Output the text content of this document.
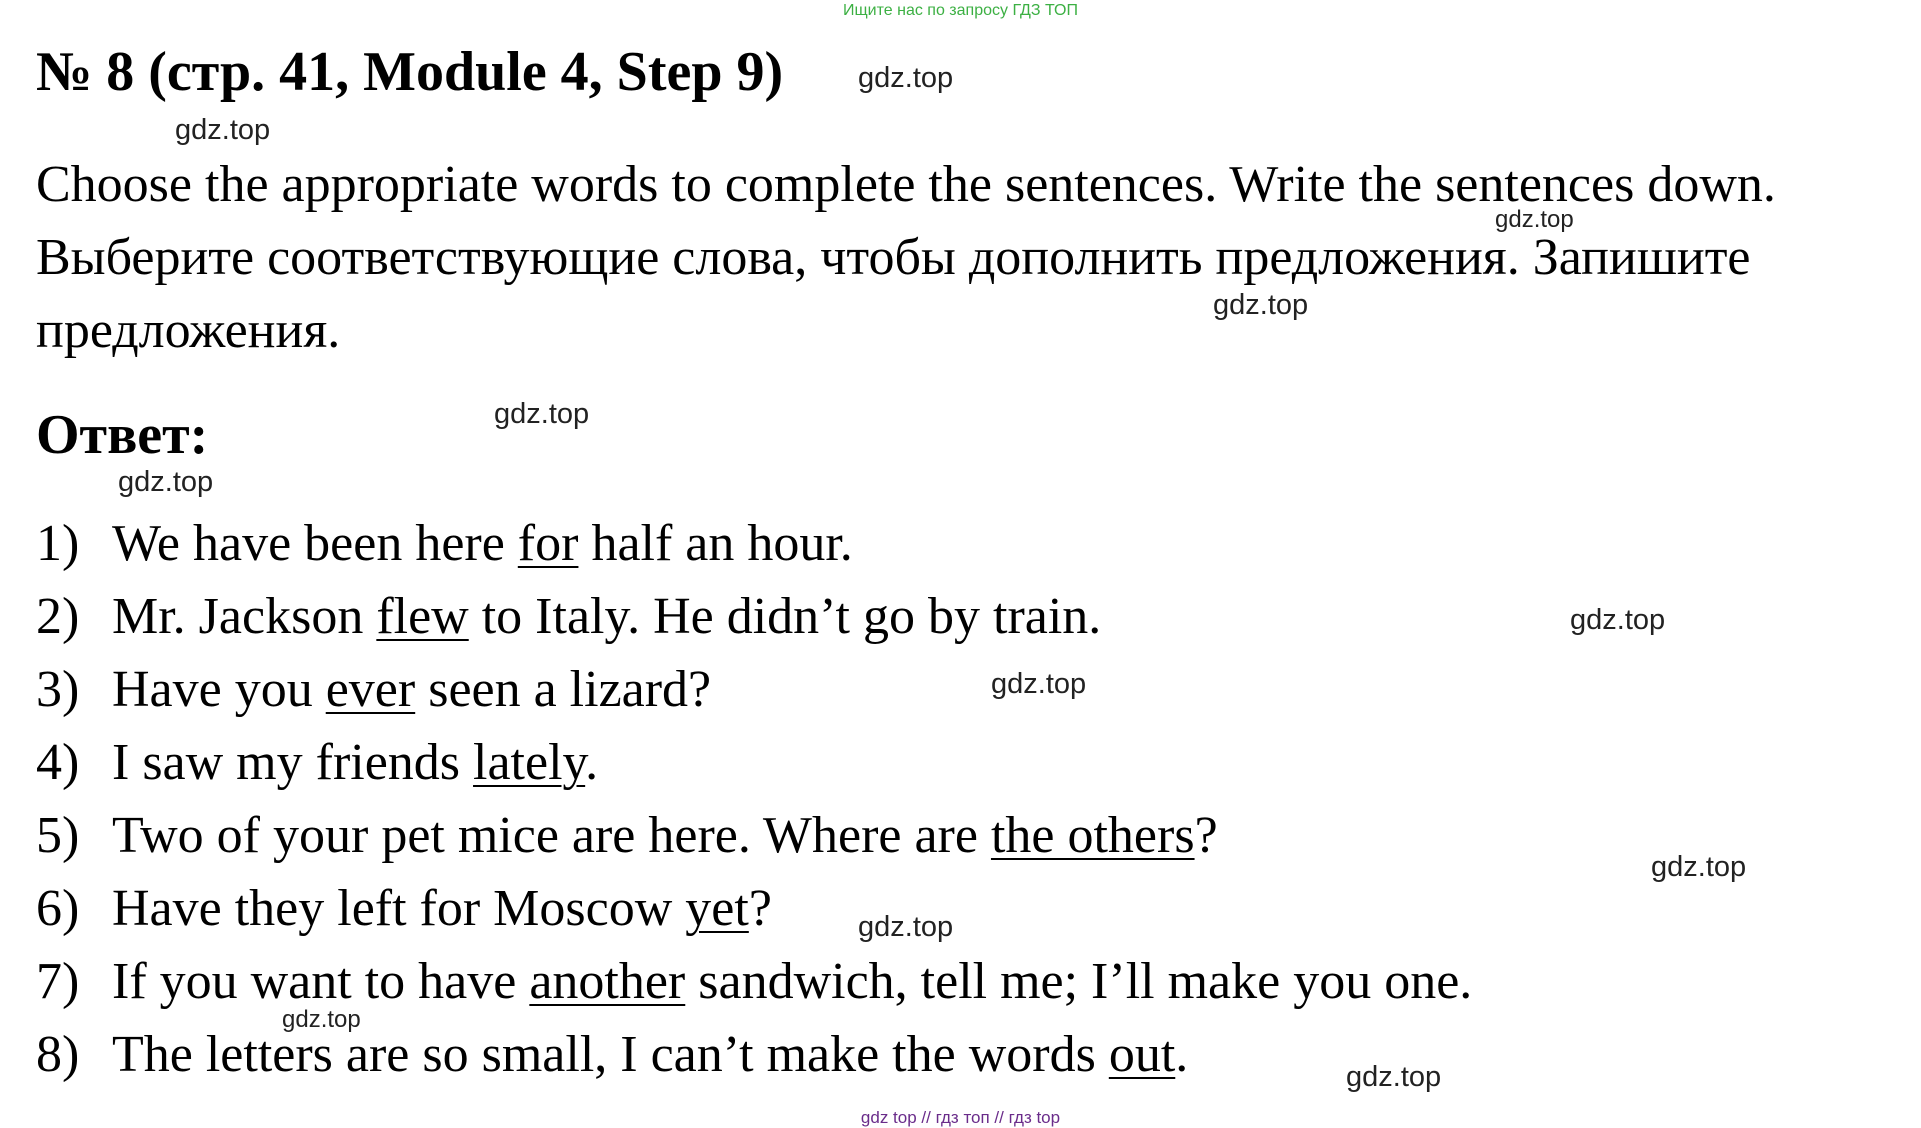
Ищите нас по запросу ГДЗ ТОП
№ 8 (стр. 41, Module 4, Step 9)
Choose the appropriate words to complete the sentences. Write the sentences down. Выберите соответствующие слова, чтобы дополнить предложения. Запишите предложения.
Ответ:
1) We have been here for half an hour.
2) Mr. Jackson flew to Italy. He didn’t go by train.
3) Have you ever seen a lizard?
4) I saw my friends lately.
5) Two of your pet mice are here. Where are the others?
6) Have they left for Moscow yet?
7) If you want to have another sandwich, tell me; I’ll make you one.
8) The letters are so small, I can’t make the words out.
gdz.top
gdz.top
gdz.top
gdz.top
gdz.top
gdz.top
gdz.top
gdz.top
gdz.top
gdz.top
gdz.top
gdz.top
gdz top // гдз топ // гдз top
